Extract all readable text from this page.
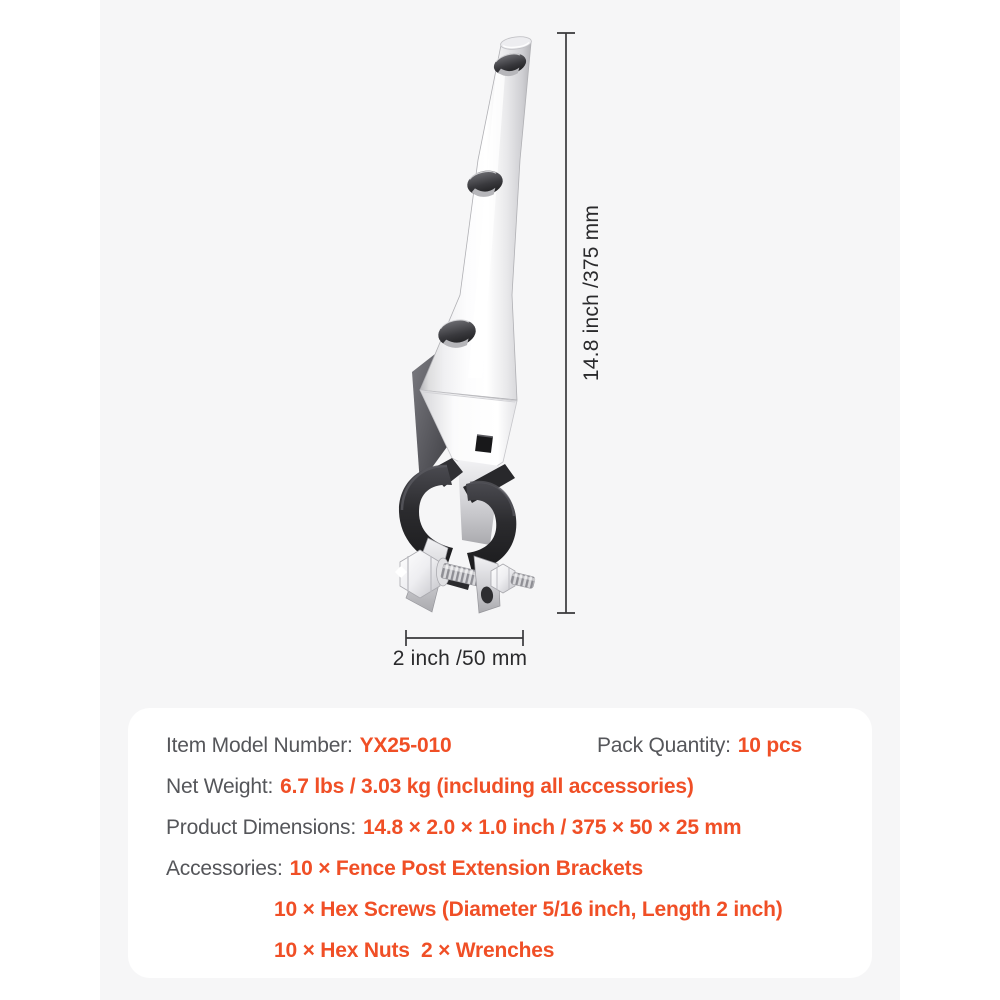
14.8 inch /375 mm
2 inch /50 mm
Item Model Number: YX25-010	Pack Quantity: 10 pcs
Net Weight: 6.7 lbs / 3.03 kg (including all accessories)
Product Dimensions: 14.8 × 2.0 × 1.0 inch / 375 × 50 × 25 mm
Accessories: 10 × Fence Post Extension Brackets
10 × Hex Screws (Diameter 5/16 inch, Length 2 inch)
10 × Hex Nuts  2 × Wrenches
